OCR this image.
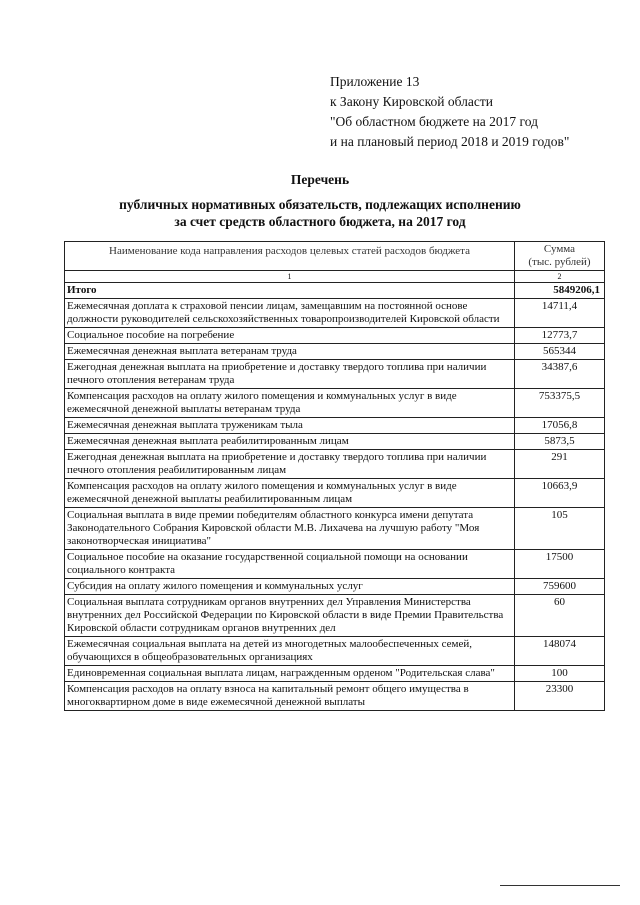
Приложение 13
к Закону Кировской области
"Об областном бюджете на 2017 год
и на плановый период 2018 и 2019 годов"
Перечень
публичных нормативных обязательств, подлежащих исполнению
за счет средств областного бюджета, на 2017 год
Наименование кода направления расходов целевых статей расходов бюджета	Сумма
(тыс. рублей)

1	2
Итого	5849206,1
Ежемесячная доплата к страховой пенсии лицам, замещавшим на постоянной основе должности руководителей сельскохозяйственных товаропроизводителей Кировской области	14711,4
Социальное пособие на погребение	12773,7
Ежемесячная денежная выплата ветеранам труда	565344
Ежегодная денежная выплата на приобретение и доставку твердого топлива при наличии печного отопления ветеранам труда	34387,6
Компенсация расходов на оплату жилого помещения и коммунальных услуг в виде ежемесячной денежной выплаты ветеранам труда	753375,5
Ежемесячная денежная выплата труженикам тыла	17056,8
Ежемесячная денежная выплата реабилитированным лицам	5873,5
Ежегодная денежная выплата на приобретение и доставку твердого топлива при наличии печного отопления реабилитированным лицам	291
Компенсация расходов на оплату жилого помещения и коммунальных услуг в виде ежемесячной денежной выплаты реабилитированным лицам	10663,9
Социальная выплата в виде премии победителям областного конкурса имени депутата Законодательного Собрания Кировской области М.В. Лихачева на лучшую работу "Моя законотворческая инициатива"	105
Социальное пособие на оказание государственной социальной помощи на основании социального контракта	17500
Субсидия на оплату жилого помещения и коммунальных услуг	759600
Социальная выплата сотрудникам органов внутренних дел Управления Министерства внутренних дел Российской Федерации по Кировской области в виде Премии Правительства Кировской области сотрудникам органов внутренних дел	60
Ежемесячная социальная выплата на детей из многодетных малообеспеченных семей, обучающихся в общеобразовательных организациях	148074
Единовременная социальная выплата лицам, награжденным орденом "Родительская слава"	100
Компенсация расходов на оплату взноса на капитальный ремонт общего имущества в многоквартирном доме в виде ежемесячной денежной выплаты	23300
